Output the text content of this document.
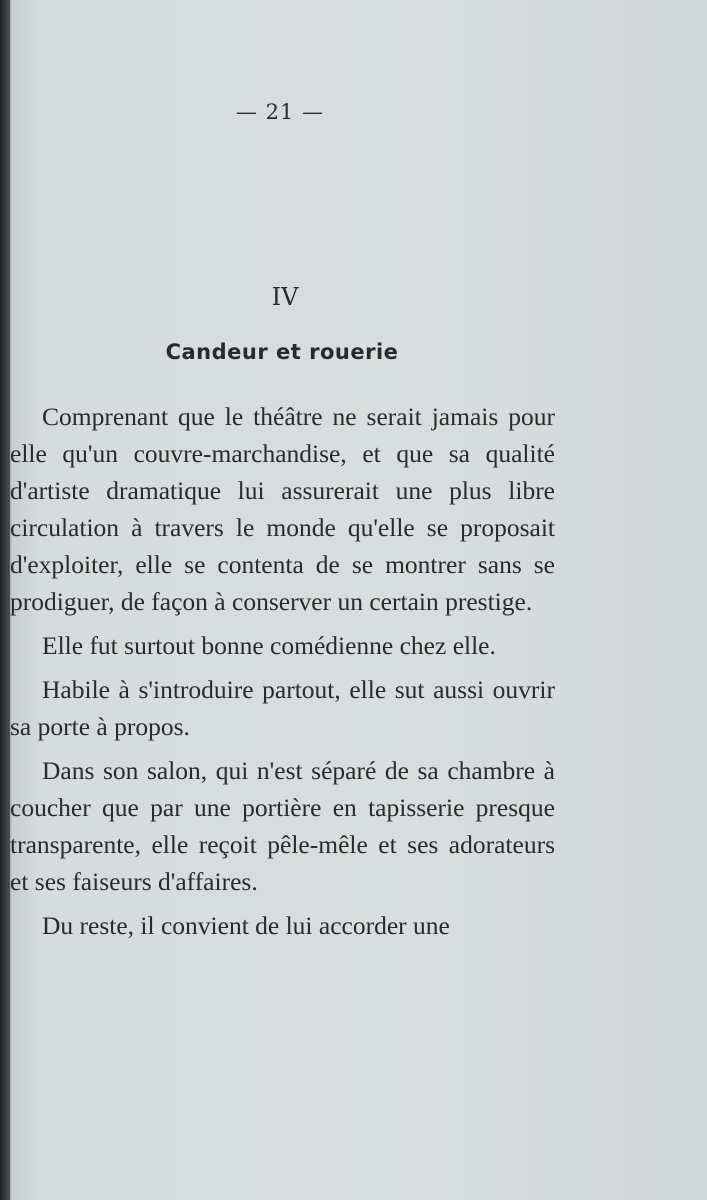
— 21 —
IV
Candeur et rouerie

Comprenant que le théâtre ne serait jamais pour elle qu'un couvre-marchandise, et que sa qualité d'artiste dramatique lui assurerait une plus libre circulation à travers le monde qu'elle se proposait d'exploiter, elle se contenta de se montrer sans se prodiguer, de façon à conserver un certain prestige.

Elle fut surtout bonne comédienne chez elle.

Habile à s'introduire partout, elle sut aussi ouvrir sa porte à propos.

Dans son salon, qui n'est séparé de sa chambre à coucher que par une portière en tapisserie presque transparente, elle reçoit pêle-mêle et ses adorateurs et ses faiseurs d'affaires.

Du reste, il convient de lui accorder une
